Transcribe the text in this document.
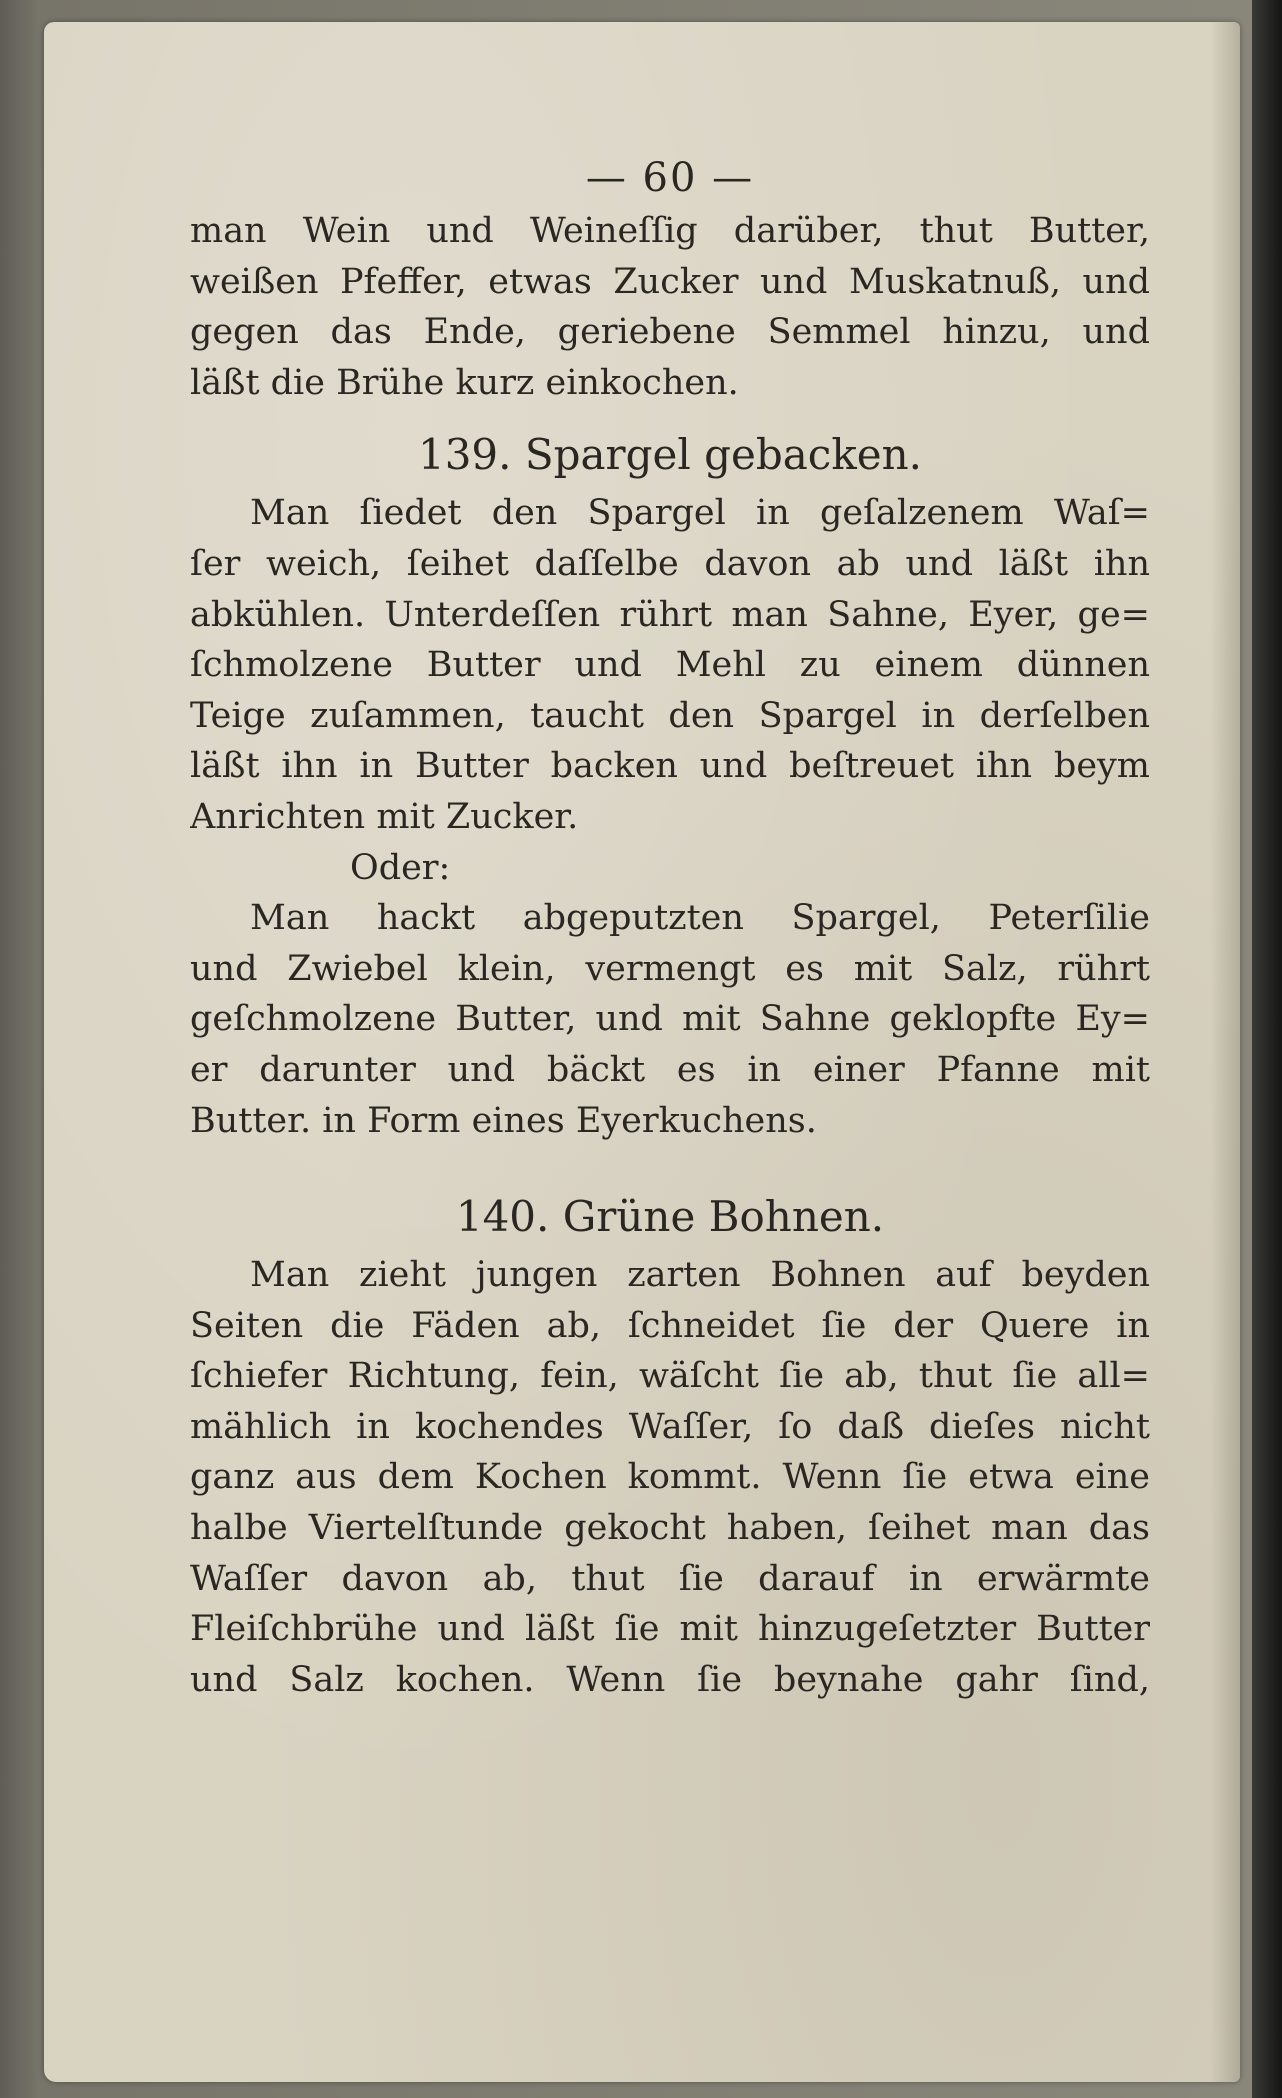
— 60 —
man Wein und Weineſſig darüber, thut Butter,
weißen Pfeffer, etwas Zucker und Muskatnuß, und
gegen das Ende, geriebene Semmel hinzu, und
läßt die Brühe kurz einkochen.
139. Spargel gebacken.
Man ſiedet den Spargel in geſalzenem Waſ=
ſer weich, ſeihet daſſelbe davon ab und läßt ihn
abkühlen. Unterdeſſen rührt man Sahne, Eyer, ge=
ſchmolzene Butter und Mehl zu einem dünnen
Teige zuſammen, taucht den Spargel in derſelben
läßt ihn in Butter backen und beſtreuet ihn beym
Anrichten mit Zucker.
Oder:
Man hackt abgeputzten Spargel, Peterſilie
und Zwiebel klein, vermengt es mit Salz, rührt
geſchmolzene Butter, und mit Sahne geklopfte Ey=
er darunter und bäckt es in einer Pfanne mit
Butter. in Form eines Eyerkuchens.
140. Grüne Bohnen.
Man zieht jungen zarten Bohnen auf beyden
Seiten die Fäden ab, ſchneidet ſie der Quere in
ſchiefer Richtung, fein, wäſcht ſie ab, thut ſie all=
mählich in kochendes Waſſer, ſo daß dieſes nicht
ganz aus dem Kochen kommt. Wenn ſie etwa eine
halbe Viertelſtunde gekocht haben, ſeihet man das
Waſſer davon ab, thut ſie darauf in erwärmte
Fleiſchbrühe und läßt ſie mit hinzugeſetzter Butter
und Salz kochen. Wenn ſie beynahe gahr ſind,
